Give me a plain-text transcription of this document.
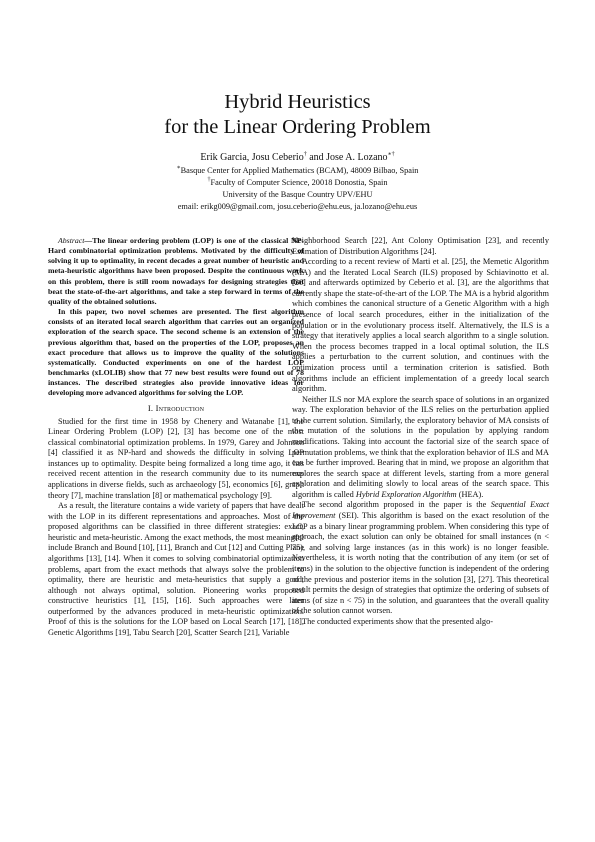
Hybrid Heuristics
for the Linear Ordering Problem
Erik Garcia, Josu Ceberio† and Jose A. Lozano∗†
∗Basque Center for Applied Mathematics (BCAM), 48009 Bilbao, Spain
†Faculty of Computer Science, 20018 Donostia, Spain
University of the Basque Country UPV/EHU
email: erikg009@gmail.com, josu.ceberio@ehu.eus, ja.lozano@ehu.eus

Abstract—The linear ordering problem (LOP) is one of the classical NP-Hard combinatorial optimization problems. Motivated by the difficulty of solving it up to optimality, in recent decades a great number of heuristic and meta-heuristic algorithms have been proposed. Despite the continuous work on this problem, there is still room nowadays for designing strategies that beat the state-of-the-art algorithms, and take a step forward in terms of the quality of the obtained solutions.

In this paper, two novel schemes are presented. The first algorithm consists of an iterated local search algorithm that carries out an organized exploration of the search space. The second scheme is an extension of the previous algorithm that, based on the properties of the LOP, proposes an exact procedure that allows us to improve the quality of the solutions systematically. Conducted experiments on one of the hardest LOP benchmarks (xLOLIB) show that 77 new best results were found out of 78 instances. The described strategies also provide innovative ideas for developing more advanced algorithms for solving the LOP.

I. Introduction

Studied for the first time in 1958 by Chenery and Watanabe [1], the Linear Ordering Problem (LOP) [2], [3] has become one of the most classical combinatorial optimization problems. In 1979, Garey and Johnson [4] classified it as NP-hard and showeds the difficulty in solving LOP instances up to optimality. Despite being formalized a long time ago, it has received recent attention in the research community due to its numerous applications in diverse fields, such as archaeology [5], economics [6], graph theory [7], machine translation [8] or mathematical psychology [9].

As a result, the literature contains a wide variety of papers that have dealt with the LOP in its different representations and approaches. Most of the proposed algorithms can be classified in three different strategies: exact, heuristic and meta-heuristic. Among the exact methods, the most meaningful include Branch and Bound [10], [11], Branch and Cut [12] and Cutting Plane algorithms [13], [14]. When it comes to solving combinatorial optimization problems, apart from the exact methods that always solve the problem to optimality, there are heuristic and meta-heuristics that supply a good, although not always optimal, solution. Pioneering works proposed constructive heuristics [1], [15], [16]. Such approaches were later outperformed by the advances produced in meta-heuristic optimization. Proof of this is the solutions for the LOP based on Local Search [17], [18], Genetic Algorithms [19], Tabu Search [20], Scatter Search [21], Variable

Neighborhood Search [22], Ant Colony Optimisation [23], and recently Estimation of Distribution Algorithms [24].

According to a recent review of Marti et al. [25], the Memetic Algorithm (MA) and the Iterated Local Search (ILS) proposed by Schiavinotto et al. [26] and afterwards optimized by Ceberio et al. [3], are the algorithms that currently shape the state-of-the-art of the LOP. The MA is a hybrid algorithm which combines the canonical structure of a Genetic Algorithm with a high presence of local search procedures, either in the initialization of the population or in the evolutionary process itself. Alternatively, the ILS is a strategy that iteratively applies a local search algorithm to a single solution. When the process becomes trapped in a local optimal solution, the ILS applies a perturbation to the current solution, and continues with the optimization process until a termination criterion is satisfied. Both algorithms include an efficient implementation of a greedy local search algorithm.

Neither ILS nor MA explore the search space of solutions in an organized way. The exploration behavior of the ILS relies on the perturbation applied to the current solution. Similarly, the exploratory behavior of MA consists of the mutation of the solutions in the population by applying random modifications. Taking into account the factorial size of the search space of permutation problems, we think that the exploration behavior of ILS and MA can be further improved. Bearing that in mind, we propose an algorithm that explores the search space at different levels, starting from a more general exploration and delimiting slowly to local areas of the search space. This algorithm is called Hybrid Exploration Algorithm (HEA).

The second algorithm proposed in the paper is the Sequential Exact Improvement (SEI). This algorithm is based on the exact resolution of the LOP as a binary linear programming problem. When considering this type of approach, the exact solution can only be obtained for small instances (n < 75), and solving large instances (as in this work) is no longer feasible. Nevertheless, it is worth noting that the contribution of any item (or set of items) in the solution to the objective function is independent of the ordering of the previous and posterior items in the solution [3], [27]. This theoretical result permits the design of strategies that optimize the ordering of subsets of items (of size n < 75) in the solution, and guarantees that the overall quality of the solution cannot worsen.

The conducted experiments show that the presented algo-
